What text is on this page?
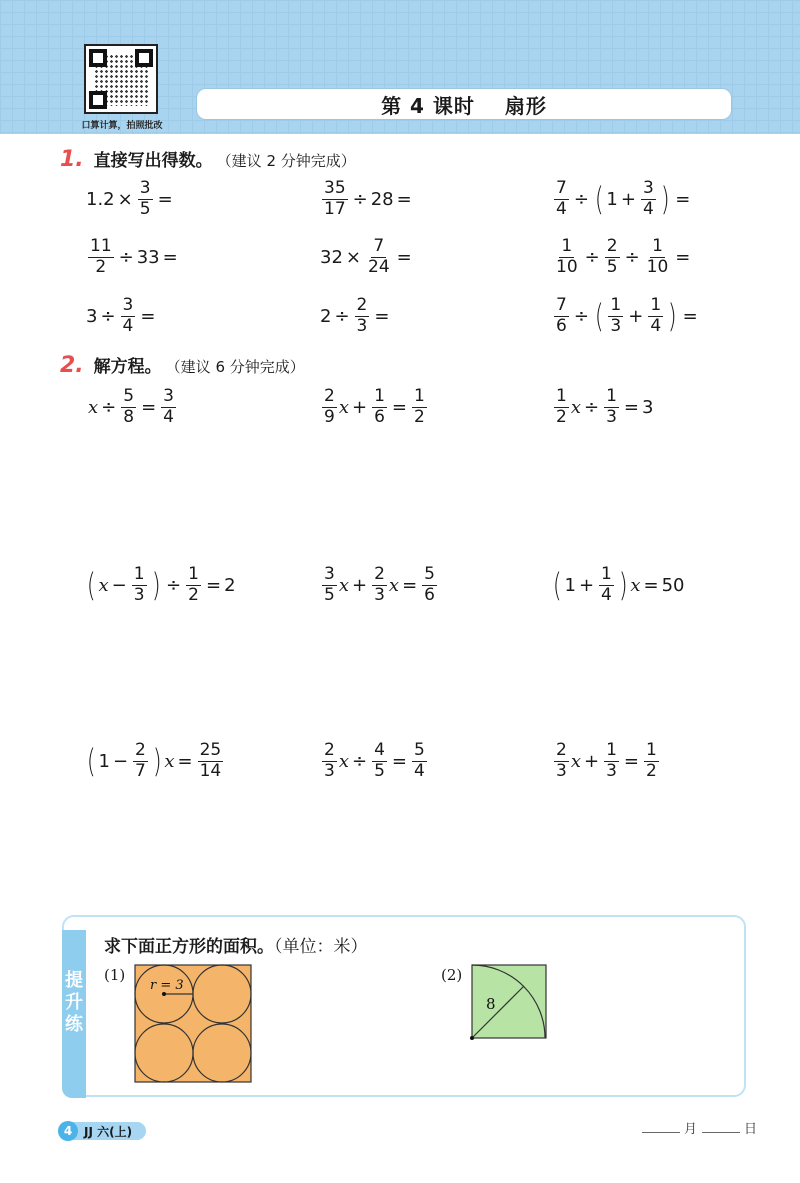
口算计算，拍照批改
第 4 课时 扇形
1. 直接写出得数。 （建议 2 分钟完成）
$1.2 \times \frac{3}{5}$ =	$\frac{35}{17} \div 28$ =	$\frac{7}{4}$ ÷ ( $1 + \frac{3}{4}$ ) =
$\frac{11}{2} \div 33$ =	$32 \times \frac{7}{24}$ =	$\frac{1}{10} \div \frac{2}{5} \div \frac{1}{10}$ =
$3 \div \frac{3}{4}$ =	$2 \div \frac{2}{3}$ =	$\frac{7}{6}$ ÷ ( $\frac{1}{3} + \frac{1}{4}$ ) =
2. 解方程。 （建议 6 分钟完成）
$x \div \frac{5}{8} = \frac{3}{4}$	$\frac{2}{9}$ $x + \frac{1}{6} = \frac{1}{2}$	$\frac{1}{2}$ $x \div \frac{1}{3} = 3$
( $x - \frac{1}{3}$ ) ÷ $\frac{1}{2} = 2$	$\frac{3}{5}$ $x + \frac{2}{3}$ $x = \frac{5}{6}$	( $1 + \frac{1}{4}$ ) x = 50
( $1 - \frac{2}{7}$ ) $x = \frac{25}{14}$	$\frac{2}{3}$ $x \div \frac{4}{5} = \frac{5}{4}$	$\frac{2}{3}$ $x + \frac{1}{3} = \frac{1}{2}$
提
升
练
求下面正方形的面积。（单位：米）
(1)
r = 3
(2)
8
4 JJ 六(上)	月	日
